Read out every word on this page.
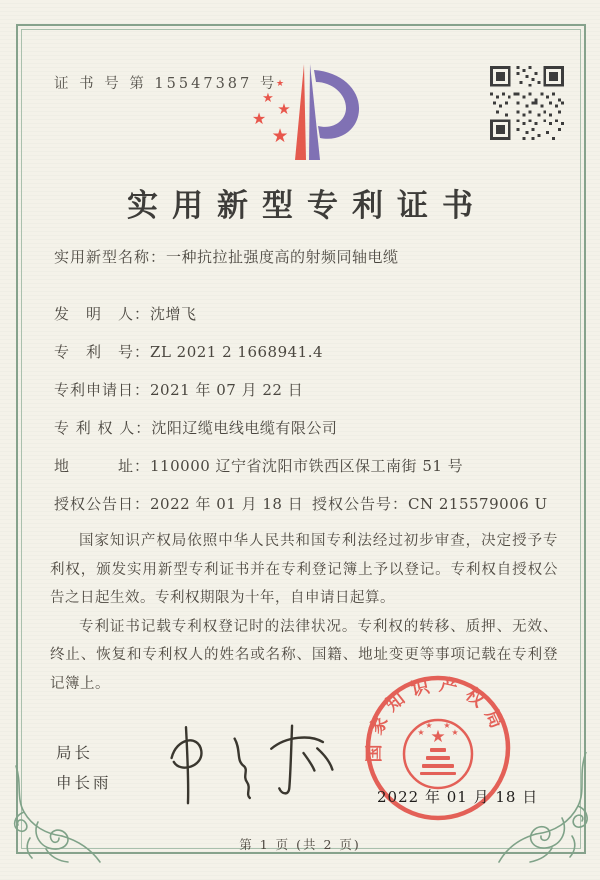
证 书 号 第 15547387 号
★
★
★
★
★
实用新型专利证书
实用新型名称：一种抗拉扯强度高的射频同轴电缆
发　明　人：沈增飞
专　利　号：ZL 2021 2 1668941.4
专利申请日：2021 年 07 月 22 日
专 利 权 人：沈阳辽缆电线电缆有限公司
地　　　址：110000 辽宁省沈阳市铁西区保工南街 51 号
授权公告日：2022 年 01 月 18 日 授权公告号：CN 215579006 U

国家知识产权局依照中华人民共和国专利法经过初步审查，决定授予专利权，颁发实用新型专利证书并在专利登记簿上予以登记。专利权自授权公告之日起生效。专利权期限为十年，自申请日起算。

专利证书记载专利权登记时的法律状况。专利权的转移、质押、无效、终止、恢复和专利权人的姓名或名称、国籍、地址变更等事项记载在专利登记簿上。

局长
申长雨
国家知识产权局
★
★
★ ★
★
2022 年 01 月 18 日
第 1 页 (共 2 页)
